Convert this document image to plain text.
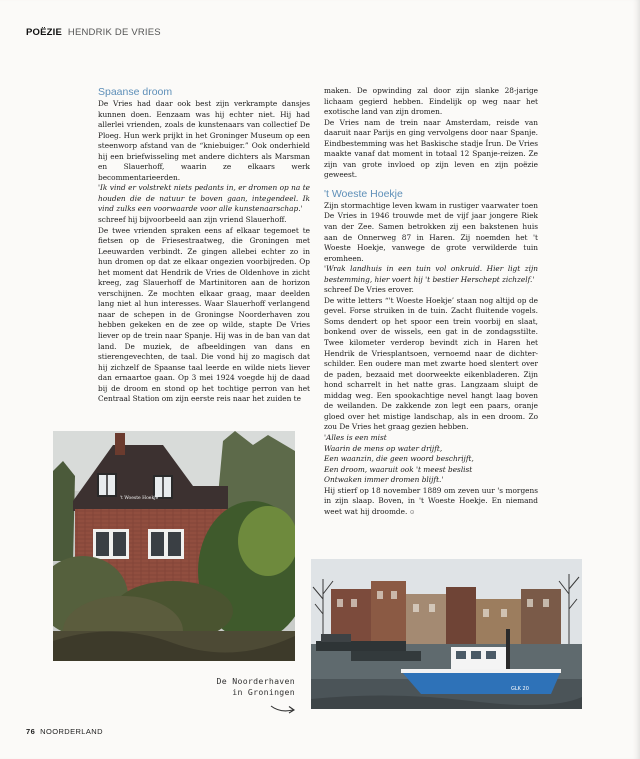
POËZIE HENDRIK DE VRIES
Spaanse droom

De Vries had daar ook best zijn verkrampte dansjes kunnen doen. Eenzaam was hij echter niet. Hij had allerlei vrienden, zoals de kunstenaars van collectief De Ploeg. Hun werk prijkt in het Groninger Museum op een steenworp afstand van de “kniebuiger.” Ook onderhield hij een briefwisseling met andere dichters als Marsman en Slauerhoff, waarin ze elkaars werk becommentarieerden.

'Ik vind er volstrekt niets pedants in, er dromen op na te houden die de natuur te boven gaan, integendeel. Ik vind zulks een voorwaarde voor alle kunstenaarschap.'

schreef hij bijvoorbeeld aan zijn vriend Slauerhoff.

De twee vrienden spraken eens af elkaar tegemoet te fietsen op de Friesestraatweg, die Groningen met Leeuwarden verbindt. Ze gingen allebei echter zo in hun dromen op dat ze elkaar ongezien voorbijreden. Op het moment dat Hendrik de Vries de Oldenhove in zicht kreeg, zag Slauerhoff de Martinitoren aan de horizon verschijnen. Ze mochten elkaar graag, maar deelden lang niet al hun interesses. Waar Slauerhoff verlangend naar de schepen in de Groningse Noorderhaven zou hebben gekeken en de zee op wilde, stapte De Vries liever op de trein naar Spanje. Hij was in de ban van dat land. De muziek, de afbeeldingen van dans en stierengevechten, de taal. Die vond hij zo magisch dat hij zichzelf de Spaanse taal leerde en wilde niets liever dan ernaartoe gaan. Op 3 mei 1924 voegde hij de daad bij de droom en stond op het tochtige perron van het Centraal Station om zijn eerste reis naar het zuiden te

maken. De opwinding zal door zijn slanke 28-jarige lichaam gegierd hebben. Eindelijk op weg naar het exotische land van zijn dromen.

De Vries nam de trein naar Amsterdam, reisde van daaruit naar Parijs en ging vervolgens door naar Spanje. Eindbestemming was het Baskische stadje Írun. De Vries maakte vanaf dat moment in totaal 12 Spanje-reizen. Ze zijn van grote invloed op zijn leven en zijn poëzie geweest.

't Woeste Hoekje

Zijn stormachtige leven kwam in rustiger vaarwater toen De Vries in 1946 trouwde met de vijf jaar jongere Riek van der Zee. Samen betrokken zij een bakstenen huis aan de Onnerweg 87 in Haren. Zij noemden het 't Woeste Hoekje, vanwege de grote verwilderde tuin eromheen.

'Wrak landhuis in een tuin vol onkruid. Hier ligt zijn bestemming, hier voert hij 't bestier Herschept zichzelf.'

schreef De Vries erover.

De witte letters “'t Woeste Hoekje’ staan nog altijd op de gevel. Forse struiken in de tuin. Zacht fluitende vogels. Soms dendert op het spoor een trein voorbij en slaat, bonkend over de wissels, een gat in de zondagsstilte. Twee kilometer verderop bevindt zich in Haren het Hendrik de Vriesplantsoen, vernoemd naar de dichter-schilder. Een oudere man met zwarte hoed slentert over de paden, bezaaid met doorweekte eikenbladeren. Zijn hond scharrelt in het natte gras. Langzaam sluipt de middag weg. Een spookachtige nevel hangt laag boven de weilanden. De zakkende zon legt een paars, oranje gloed over het mistige landschap, als in een droom. Zo zou De Vries het graag gezien hebben.

'Alles is een mist
Waarin de mens op water drijft,
Een waanzin, die geen woord beschrijft,
Een droom, waaruit ook 't meest beslist
Ontwaken immer dromen blijft.'

Hij stierf op 18 november 1889 om zeven uur 's morgens in zijn slaap. Boven, in 't Woeste Hoekje. En niemand weet wat hij droomde. ⊙

't Woeste Hoekje
GLK 20
De Noorderhaven
in Groningen
76 NOORDERLAND
